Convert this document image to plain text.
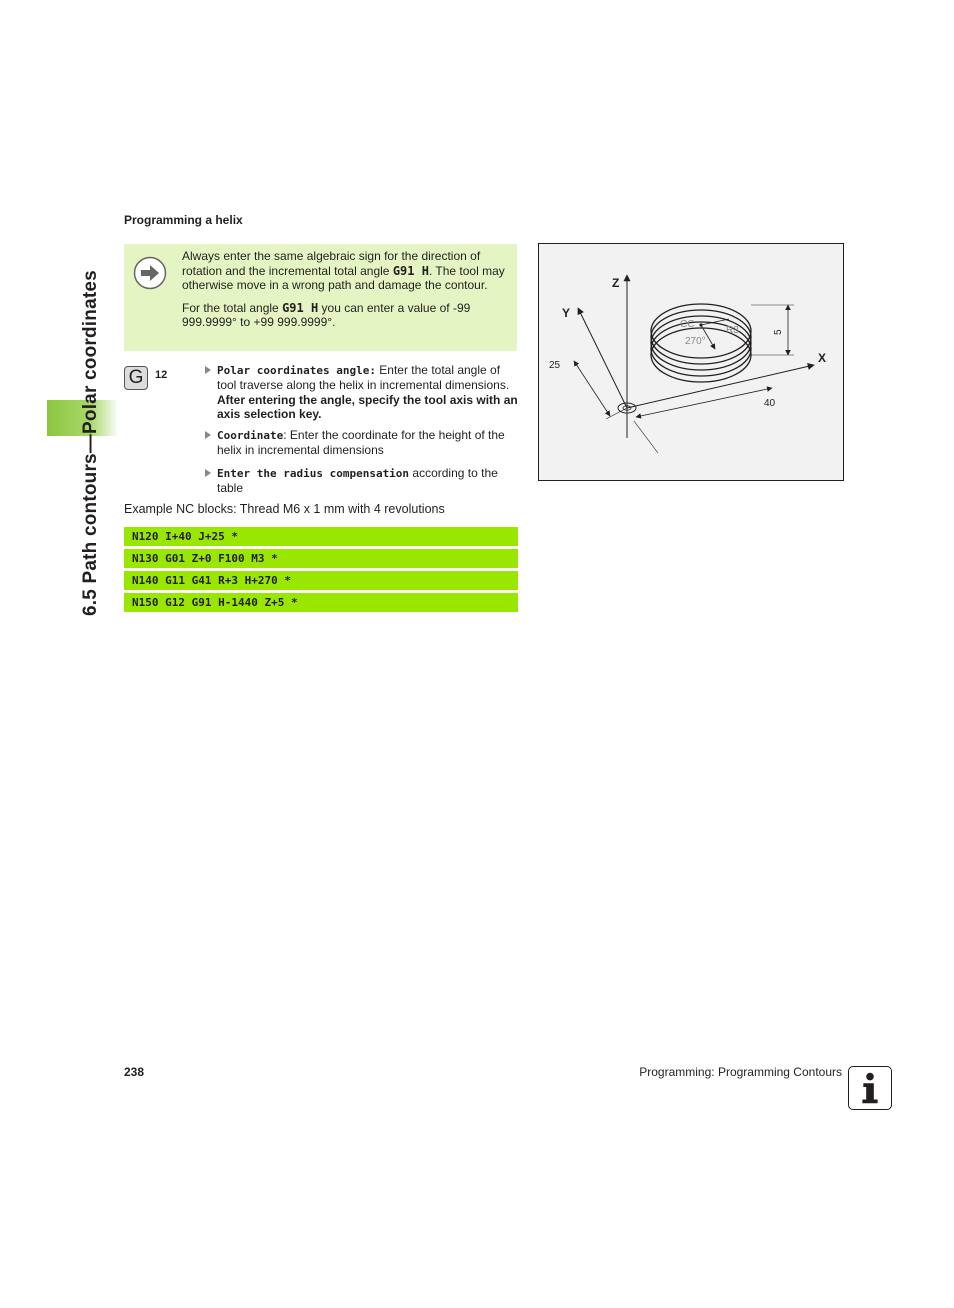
6.5 Path contours—Polar coordinates
Programming a helix

Always enter the same algebraic sign for the direction of rotation and the incremental total angle G91 H. The tool may otherwise move in a wrong path and damage the contour.

For the total angle G91 H you can enter a value of -99 999.9999° to +99 999.9999°.

G	12	Polar coordinates angle: Enter the total angle of tool traverse along the helix in incremental dimensions. After entering the angle, specify the tool axis with an axis selection key.
Coordinate: Enter the coordinate for the height of the helix in incremental dimensions
Enter the radius compensation according to the table
Example NC blocks: Thread M6 x 1 mm with 4 revolutions
N120 I+40 J+25 *
N130 G01 Z+0 F100 M3 *
N140 G11 G41 R+3 H+270 *
N150 G12 G91 H-1440 Z+5 *
Z
Y
X
CC
R3
270°
5
25
40
238	Programming: Programming Contours
